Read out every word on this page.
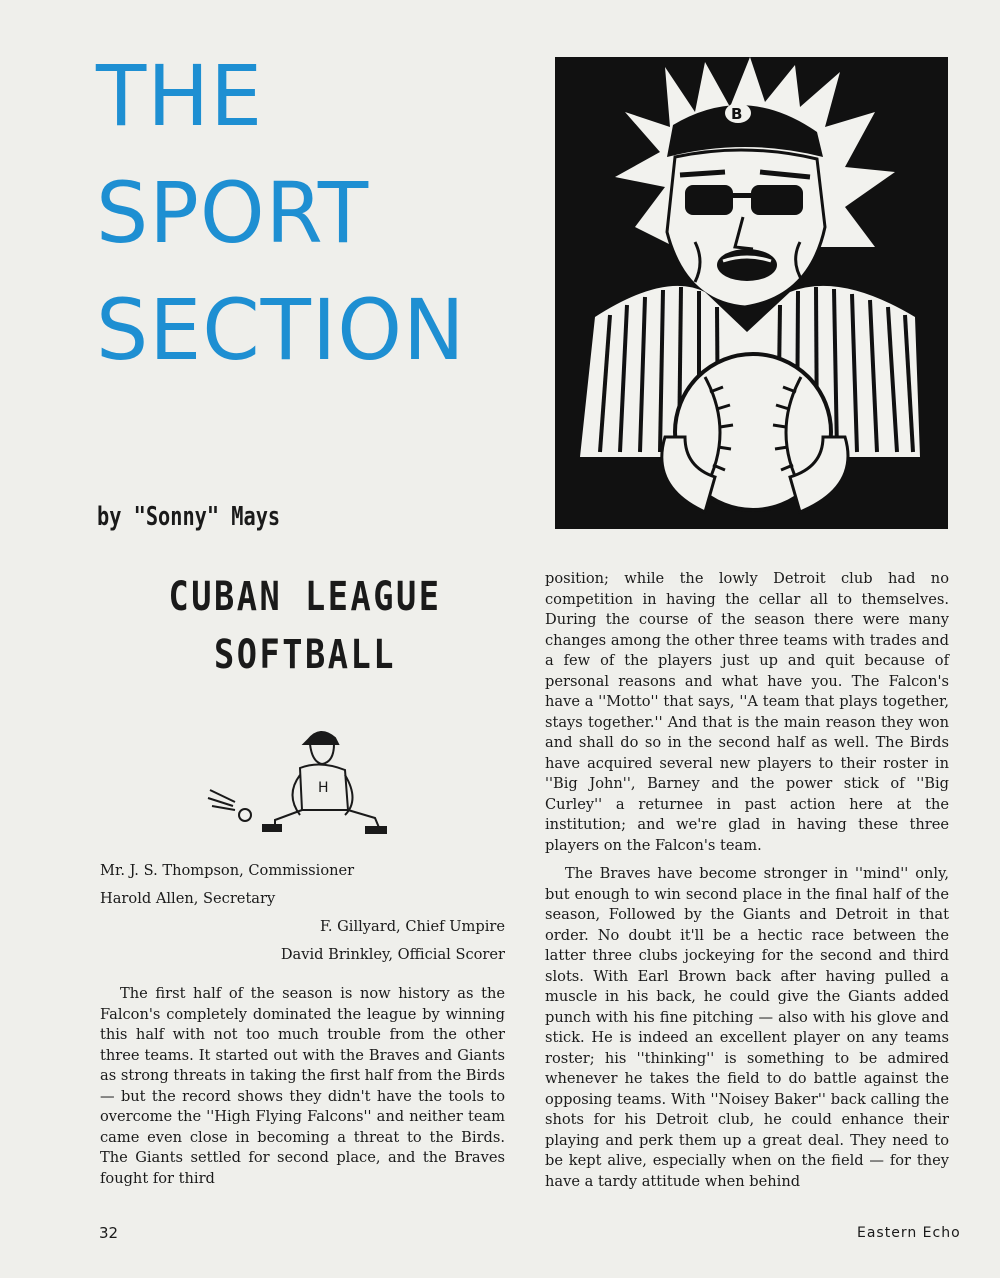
THE
SPORT
SECTION
B
by "Sonny" Mays
CUBAN LEAGUE
SOFTBALL
H
Mr. J. S. Thompson, Commissioner
Harold Allen, Secretary
F. Gillyard, Chief Umpire
David Brinkley, Official Scorer

The first half of the season is now history as the Falcon's completely dominated the league by winning this half with not too much trouble from the other three teams. It started out with the Braves and Giants as strong threats in taking the first half from the Birds — but the record shows they didn't have the tools to overcome the ''High Flying Falcons'' and neither team came even close in becoming a threat to the Birds. The Giants settled for second place, and the Braves fought for third

position; while the lowly Detroit club had no competition in having the cellar all to themselves. During the course of the season there were many changes among the other three teams with trades and a few of the players just up and quit because of personal reasons and what have you. The Falcon's have a ''Motto'' that says, ''A team that plays together, stays together.'' And that is the main reason they won and shall do so in the second half as well. The Birds have acquired several new players to their roster in ''Big John'', Barney and the power stick of ''Big Curley'' a returnee in past action here at the institution; and we're glad in having these three players on the Falcon's team.

The Braves have become stronger in ''mind'' only, but enough to win second place in the final half of the season, Followed by the Giants and Detroit in that order. No doubt it'll be a hectic race between the latter three clubs jockeying for the second and third slots. With Earl Brown back after having pulled a muscle in his back, he could give the Giants added punch with his fine pitching — also with his glove and stick. He is indeed an excellent player on any teams roster; his ''thinking'' is something to be admired whenever he takes the field to do battle against the opposing teams. With ''Noisey Baker'' back calling the shots for his Detroit club, he could enhance their playing and perk them up a great deal. They need to be kept alive, especially when on the field — for they have a tardy attitude when behind

32	Eastern Echo
